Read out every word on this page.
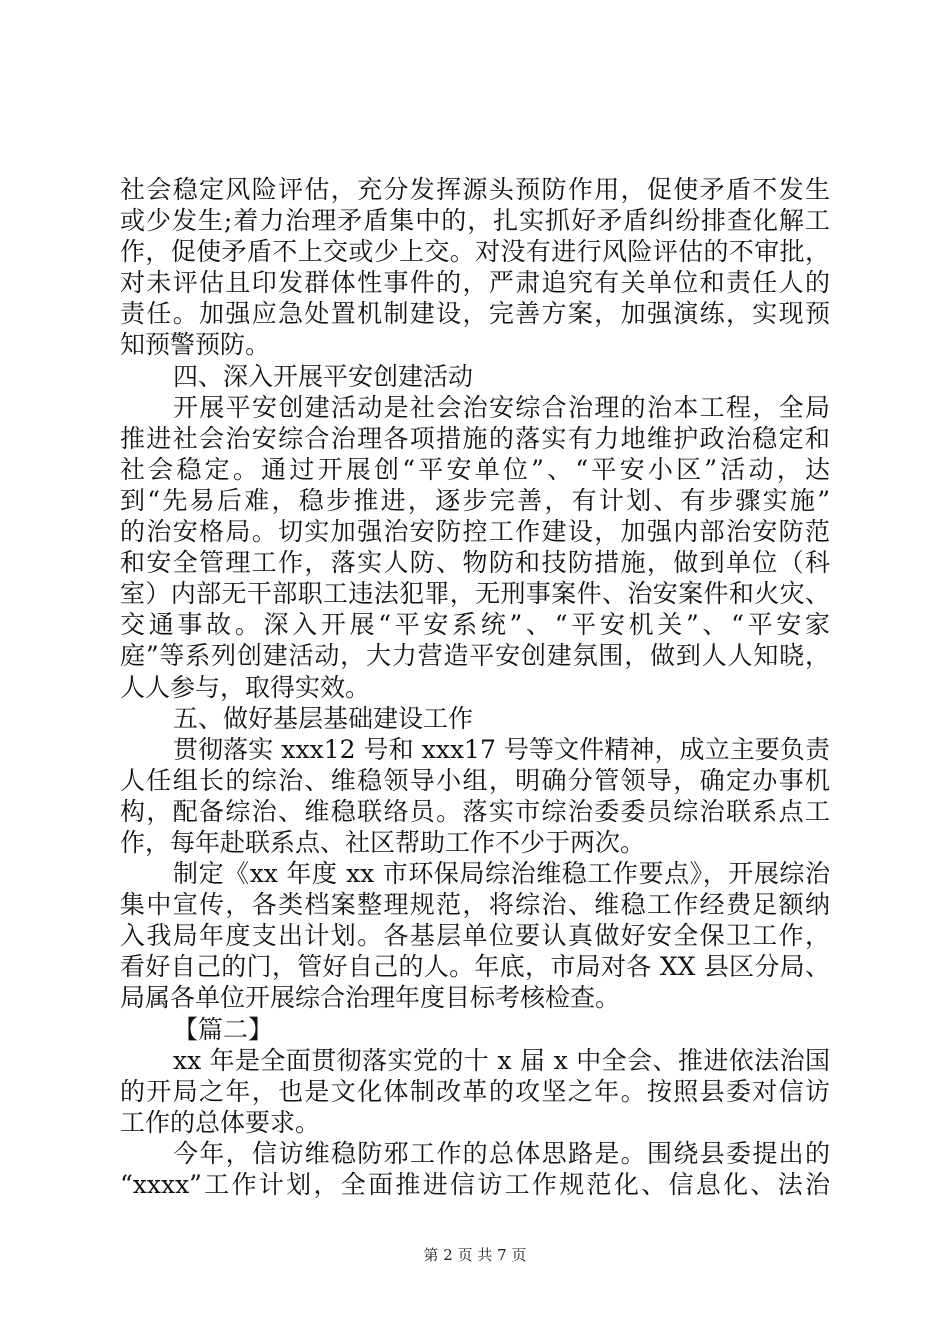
社会稳定风险评估，充分发挥源头预防作用，促使矛盾不发生
或少发生;着力治理矛盾集中的，扎实抓好矛盾纠纷排查化解工
作，促使矛盾不上交或少上交。对没有进行风险评估的不审批，
对未评估且印发群体性事件的，严肃追究有关单位和责任人的
责任。加强应急处置机制建设，完善方案，加强演练，实现预
知预警预防。
四、深入开展平安创建活动
开展平安创建活动是社会治安综合治理的治本工程，全局
推进社会治安综合治理各项措施的落实有力地维护政治稳定和
社会稳定。通过开展创“平安单位”、“平安小区”活动，达
到“先易后难，稳步推进，逐步完善，有计划、有步骤实施”
的治安格局。切实加强治安防控工作建设，加强内部治安防范
和安全管理工作，落实人防、物防和技防措施，做到单位（科
室）内部无干部职工违法犯罪，无刑事案件、治安案件和火灾、
交通事故。深入开展“平安系统”、“平安机关”、“平安家
庭”等系列创建活动，大力营造平安创建氛围，做到人人知晓，
人人参与，取得实效。
五、做好基层基础建设工作
贯彻落实 xxx12 号和 xxx17 号等文件精神，成立主要负责
人任组长的综治、维稳领导小组，明确分管领导，确定办事机
构，配备综治、维稳联络员。落实市综治委委员综治联系点工
作，每年赴联系点、社区帮助工作不少于两次。
制定《xx 年度 xx 市环保局综治维稳工作要点》，开展综治
集中宣传，各类档案整理规范，将综治、维稳工作经费足额纳
入我局年度支出计划。各基层单位要认真做好安全保卫工作，
看好自己的门，管好自己的人。年底，市局对各 XX 县区分局、
局属各单位开展综合治理年度目标考核检查。
【篇二】
xx 年是全面贯彻落实党的十 x 届 x 中全会、推进依法治国
的开局之年，也是文化体制改革的攻坚之年。按照县委对信访
工作的总体要求。
今年，信访维稳防邪工作的总体思路是。围绕县委提出的
“xxxx”工作计划，全面推进信访工作规范化、信息化、法治
第 2 页 共 7 页
